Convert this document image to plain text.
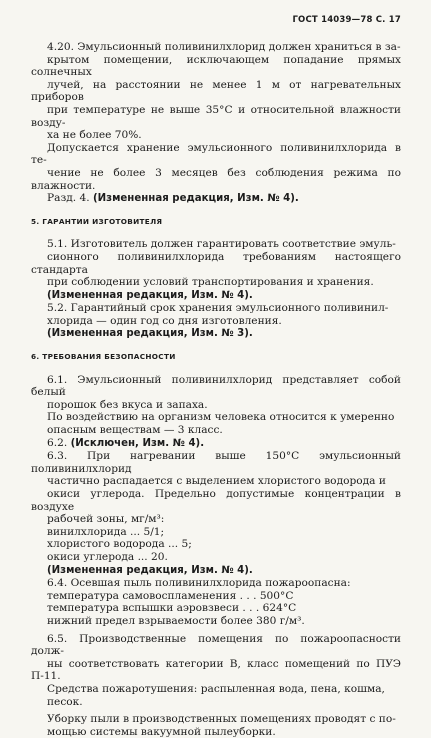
ГОСТ 14039—78 С. 17

4.20. Эмульсионный поливинилхлорид должен храниться в за-
крытом помещении, исключающем попадание прямых солнечных
лучей, на расстоянии не менее 1 м от нагревательных приборов
при температуре не выше 35°С и относительной влажности возду-
ха не более 70%.

Допускается хранение эмульсионного поливинилхлорида в те-
чение не более 3 месяцев без соблюдения режима по влажности.

Разд. 4. (Измененная редакция, Изм. № 4).

5. ГАРАНТИИ ИЗГОТОВИТЕЛЯ

5.1. Изготовитель должен гарантировать соответствие эмуль-
сионного поливинилхлорида требованиям настоящего стандарта
при соблюдении условий транспортирования и хранения.

(Измененная редакция, Изм. № 4).

5.2. Гарантийный срок хранения эмульсионного поливинил-
хлорида — один год со дня изготовления.

(Измененная редакция, Изм. № 3).

6. ТРЕБОВАНИЯ БЕЗОПАСНОСТИ

6.1. Эмульсионный поливинилхлорид представляет собой белый
порошок без вкуса и запаха.

По воздействию на организм человека относится к умеренно
опасным веществам — 3 класс.

6.2. (Исключен, Изм. № 4).

6.3. При нагревании выше 150°С эмульсионный поливинилхлорид
частично распадается с выделением хлористого водорода и
окиси углерода. Предельно допустимые концентрации в воздухе
рабочей зоны, мг/м³:

винилхлорида ... 5/1;
хлористого водорода ... 5;
окиси углерода ... 20.

(Измененная редакция, Изм. № 4).

6.4. Осевшая пыль поливинилхлорида пожароопасна:

температура самовоспламенения . . . 500°С
температура вспышки аэровзвеси . . . 624°С
нижний предел взрываемости более 380 г/м³.

6.5. Производственные помещения по пожароопасности долж-
ны соответствовать категории В, класс помещений по ПУЭ П-11.

Средства пожаротушения: распыленная вода, пена, кошма,
песок.

Уборку пыли в производственных помещениях проводят с по-
мощью системы вакуумной пылеуборки.
